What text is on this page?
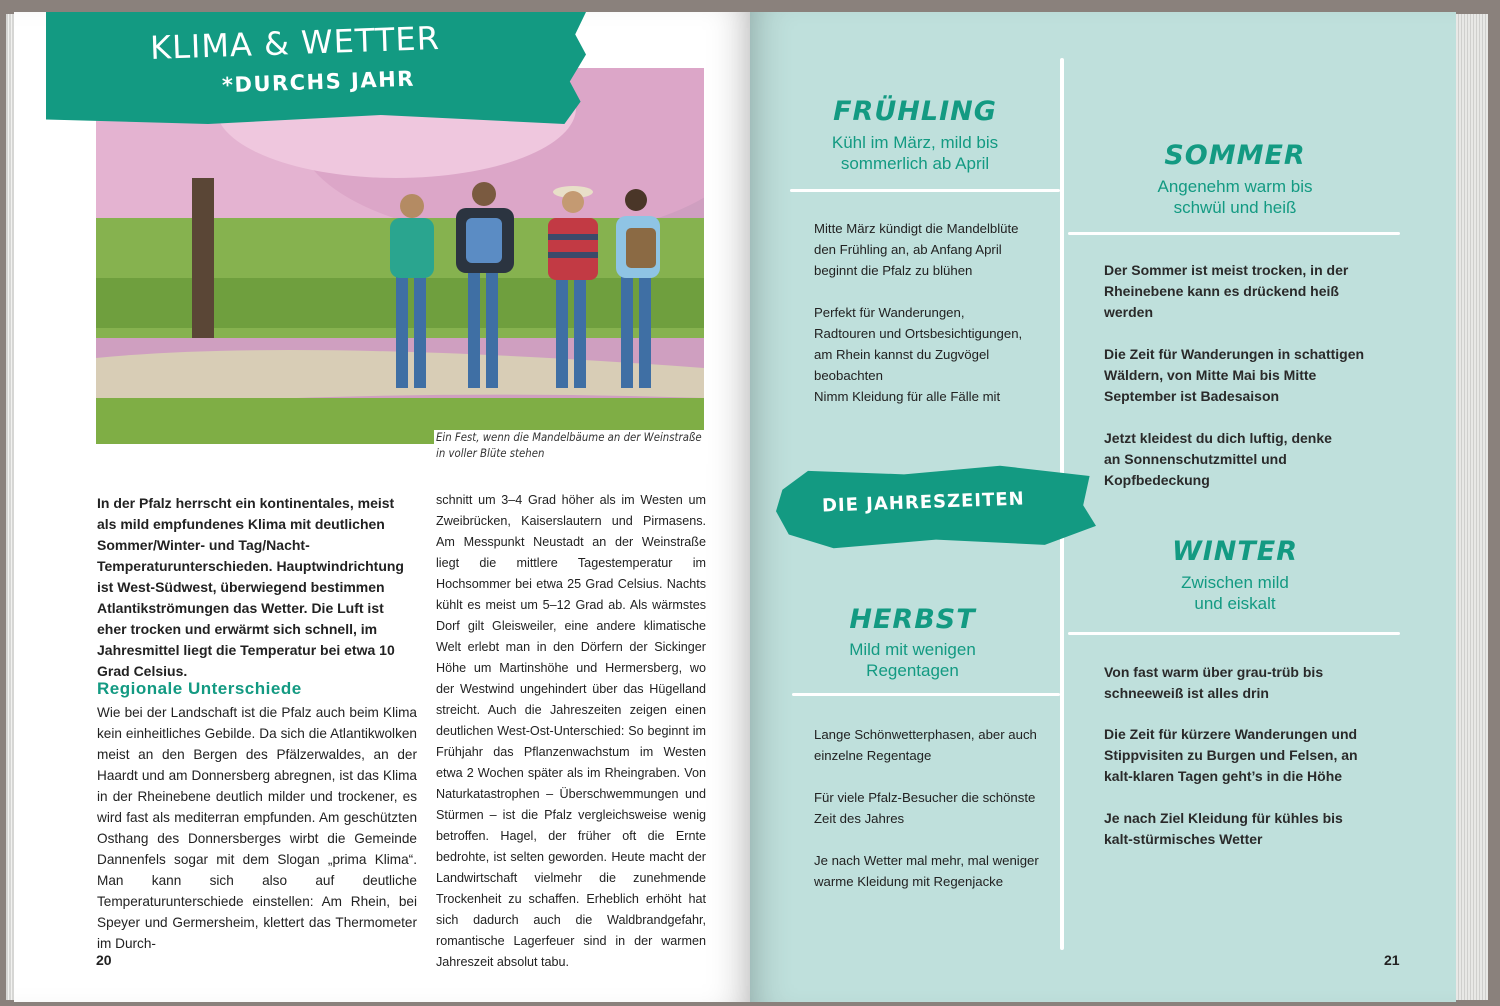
KLIMA & WETTER
*DURCHS JAHR
Ein Fest, wenn die Mandelbäume an der Weinstraße in voller Blüte stehen
In der Pfalz herrscht ein kontinentales, meist als mild empfundenes Klima mit deutlichen Sommer/Winter- und Tag/Nacht-Temperaturunterschieden. Hauptwindrichtung ist West-Südwest, überwiegend bestimmen Atlantikströmungen das Wetter. Die Luft ist eher trocken und erwärmt sich schnell, im Jahresmittel liegt die Temperatur bei etwa 10 Grad Celsius.
Regionale Unterschiede
Wie bei der Landschaft ist die Pfalz auch beim Klima kein einheitliches Gebilde. Da sich die Atlantikwolken meist an den Bergen des Pfälzerwaldes, an der Haardt und am Donnersberg abregnen, ist das Klima in der Rheinebene deutlich milder und trockener, es wird fast als mediterran empfunden. Am geschützten Osthang des Donnersberges wirbt die Gemeinde Dannenfels sogar mit dem Slogan „prima Klima“. Man kann sich also auf deutliche Temperaturunterschiede einstellen: Am Rhein, bei Speyer und Germersheim, klettert das Thermometer im Durch-
schnitt um 3–4 Grad höher als im Westen um Zweibrücken, Kaiserslautern und Pirmasens. Am Messpunkt Neustadt an der Weinstraße liegt die mittlere Tagestemperatur im Hochsommer bei etwa 25 Grad Celsius. Nachts kühlt es meist um 5–12 Grad ab. Als wärmstes Dorf gilt Gleisweiler, eine andere klimatische Welt erlebt man in den Dörfern der Sickinger Höhe um Martinshöhe und Hermersberg, wo der Westwind ungehindert über das Hügelland streicht. Auch die Jahreszeiten zeigen einen deutlichen West-Ost-Unterschied: So beginnt im Frühjahr das Pflanzenwachstum im Westen etwa 2 Wochen später als im Rheingraben. Von Naturkatastrophen – Überschwemmungen und Stürmen – ist die Pfalz vergleichsweise wenig betroffen. Hagel, der früher oft die Ernte bedrohte, ist selten geworden. Heute macht der Landwirtschaft vielmehr die zunehmende Trockenheit zu schaffen. Erheblich erhöht hat sich dadurch auch die Waldbrandgefahr, romantische Lagerfeuer sind in der warmen Jahreszeit absolut tabu.
20
FRÜHLING
Kühl im März, mild bis
sommerlich ab April
Mitte März kündigt die Mandelblüte den Frühling an, ab Anfang April beginnt die Pfalz zu blühen
Perfekt für Wanderungen, Radtouren und Ortsbesichtigungen, am Rhein kannst du Zugvögel beobachten
Nimm Kleidung für alle Fälle mit
SOMMER
Angenehm warm bis
schwül und heiß
Der Sommer ist meist trocken, in der Rheinebene kann es drückend heiß werden
Die Zeit für Wanderungen in schattigen Wäldern, von Mitte Mai bis Mitte September ist Badesaison
Jetzt kleidest du dich luftig, denke an Sonnenschutzmittel und Kopfbedeckung
DIE JAHRESZEITEN
HERBST
Mild mit wenigen
Regentagen
Lange Schönwetterphasen, aber auch einzelne Regentage
Für viele Pfalz-Besucher die schönste Zeit des Jahres
Je nach Wetter mal mehr, mal weniger warme Kleidung mit Regenjacke
WINTER
Zwischen mild
und eiskalt
Von fast warm über grau-trüb bis schneeweiß ist alles drin
Die Zeit für kürzere Wanderungen und Stippvisiten zu Burgen und Felsen, an kalt-klaren Tagen geht’s in die Höhe
Je nach Ziel Kleidung für kühles bis kalt-stürmisches Wetter
21
